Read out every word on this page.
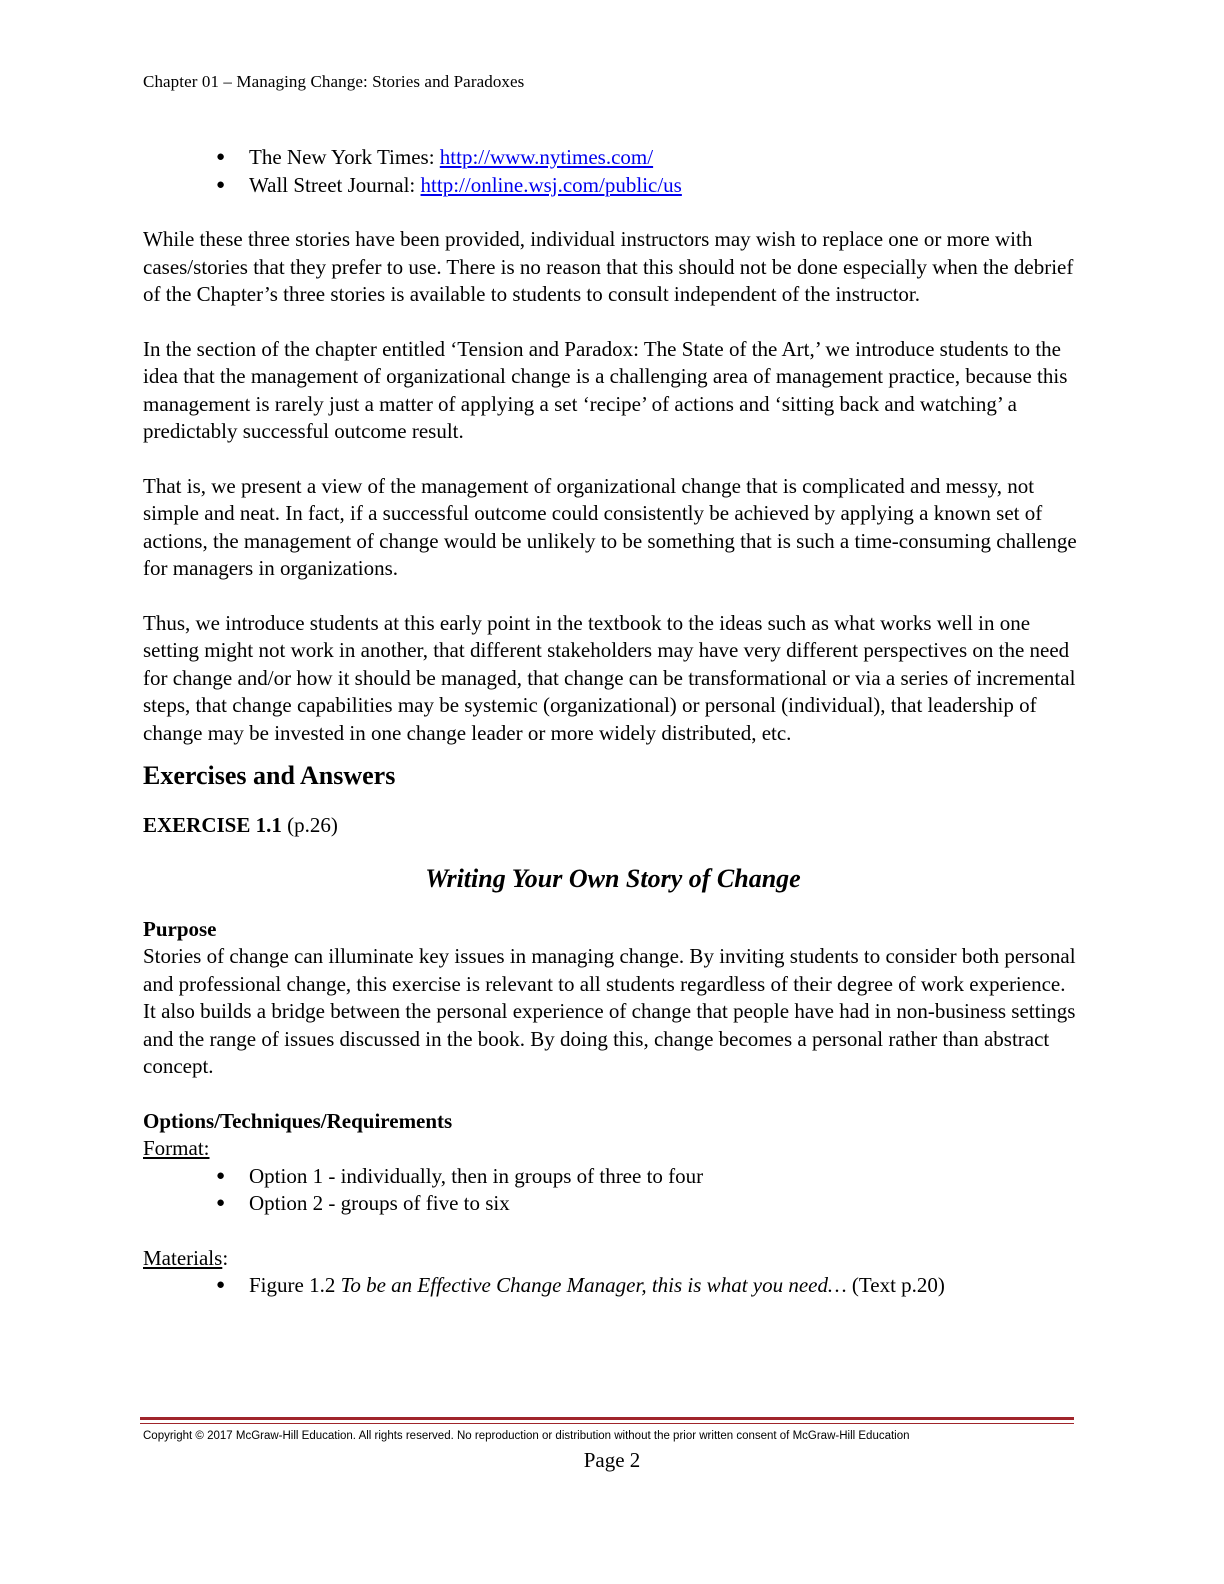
Chapter 01 – Managing Change: Stories and Paradoxes
● The New York Times: http://www.nytimes.com/
● Wall Street Journal: http://online.wsj.com/public/us

While these three stories have been provided, individual instructors may wish to replace one or more with cases/stories that they prefer to use. There is no reason that this should not be done especially when the debrief of the Chapter’s three stories is available to students to consult independent of the instructor.

In the section of the chapter entitled ‘Tension and Paradox: The State of the Art,’ we introduce students to the idea that the management of organizational change is a challenging area of management practice, because this management is rarely just a matter of applying a set ‘recipe’ of actions and ‘sitting back and watching’ a predictably successful outcome result.

That is, we present a view of the management of organizational change that is complicated and messy, not simple and neat. In fact, if a successful outcome could consistently be achieved by applying a known set of actions, the management of change would be unlikely to be something that is such a time-consuming challenge for managers in organizations.

Thus, we introduce students at this early point in the textbook to the ideas such as what works well in one setting might not work in another, that different stakeholders may have very different perspectives on the need for change and/or how it should be managed, that change can be transformational or via a series of incremental steps, that change capabilities may be systemic (organizational) or personal (individual), that leadership of change may be invested in one change leader or more widely distributed, etc.

Exercises and Answers

EXERCISE 1.1 (p.26)

Writing Your Own Story of Change

Purpose

Stories of change can illuminate key issues in managing change. By inviting students to consider both personal and professional change, this exercise is relevant to all students regardless of their degree of work experience. It also builds a bridge between the personal experience of change that people have had in non-business settings and the range of issues discussed in the book. By doing this, change becomes a personal rather than abstract concept.

Options/Techniques/Requirements

Format:

● Option 1 - individually, then in groups of three to four
● Option 2 - groups of five to six

Materials:

● Figure 1.2 To be an Effective Change Manager, this is what you need… (Text p.20)
Copyright © 2017 McGraw-Hill Education. All rights reserved. No reproduction or distribution without the prior written consent of McGraw-Hill Education
Page 2
